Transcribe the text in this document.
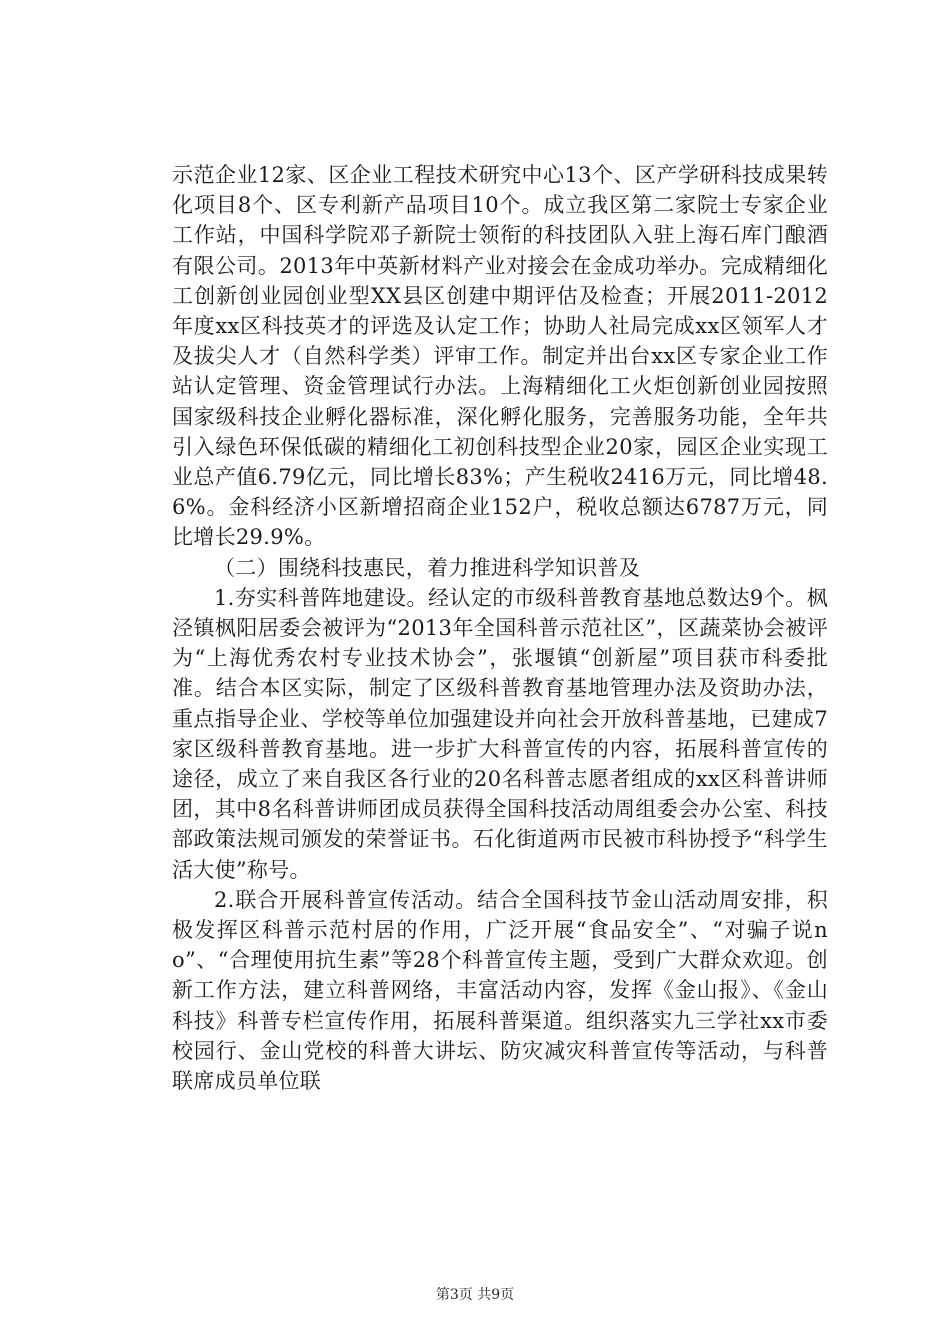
示范企业12家、区企业工程技术研究中心13个、区产学研科技成果转化项目8个、区专利新产品项目10个。成立我区第二家院士专家企业工作站，中国科学院邓子新院士领衔的科技团队入驻上海石库门酿酒有限公司。2013年中英新材料产业对接会在金成功举办。完成精细化工创新创业园创业型XX县区创建中期评估及检查；开展2011-2012年度xx区科技英才的评选及认定工作；协助人社局完成xx区领军人才及拔尖人才（自然科学类）评审工作。制定并出台xx区专家企业工作站认定管理、资金管理试行办法。上海精细化工火炬创新创业园按照国家级科技企业孵化器标准，深化孵化服务，完善服务功能，全年共引入绿色环保低碳的精细化工初创科技型企业20家，园区企业实现工业总产值6.79亿元，同比增长83%；产生税收2416万元，同比增48.6%。金科经济小区新增招商企业152户，税收总额达6787万元，同比增长29.9%。

（二）围绕科技惠民，着力推进科学知识普及

1.夯实科普阵地建设。经认定的市级科普教育基地总数达9个。枫泾镇枫阳居委会被评为“2013年全国科普示范社区”，区蔬菜协会被评为“上海优秀农村专业技术协会”，张堰镇“创新屋”项目获市科委批准。结合本区实际，制定了区级科普教育基地管理办法及资助办法，重点指导企业、学校等单位加强建设并向社会开放科普基地，已建成7家区级科普教育基地。进一步扩大科普宣传的内容，拓展科普宣传的途径，成立了来自我区各行业的20名科普志愿者组成的xx区科普讲师团，其中8名科普讲师团成员获得全国科技活动周组委会办公室、科技部政策法规司颁发的荣誉证书。石化街道两市民被市科协授予“科学生活大使”称号。

2.联合开展科普宣传活动。结合全国科技节金山活动周安排，积极发挥区科普示范村居的作用，广泛开展“食品安全”、“对骗子说no”、“合理使用抗生素”等28个科普宣传主题，受到广大群众欢迎。创新工作方法，建立科普网络，丰富活动内容，发挥《金山报》、《金山科技》科普专栏宣传作用，拓展科普渠道。组织落实九三学社xx市委校园行、金山党校的科普大讲坛、防灾减灾科普宣传等活动，与科普联席成员单位联

第3页 共9页
